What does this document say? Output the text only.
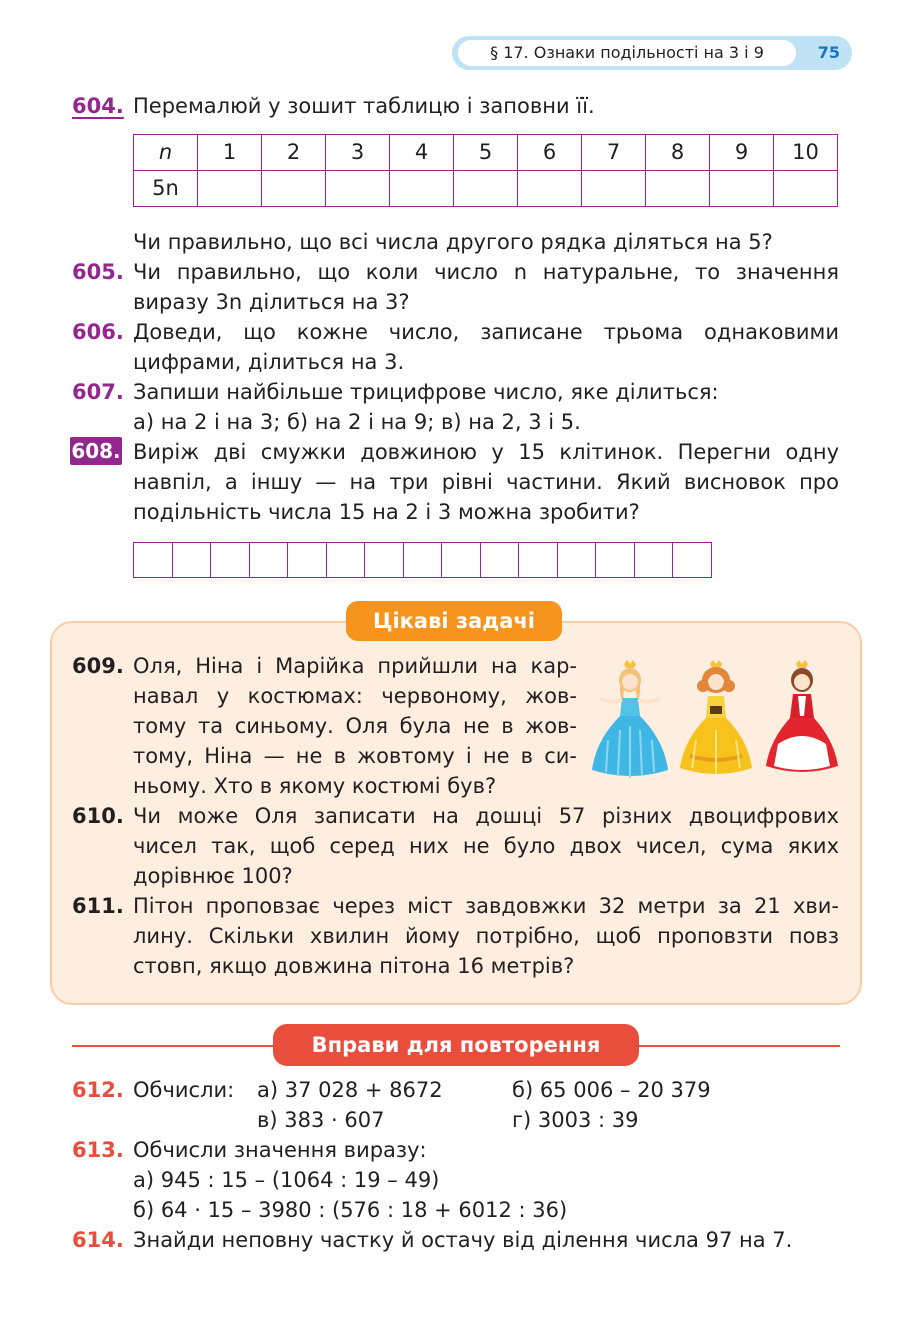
§ 17. Ознаки подільності на 3 і 9	75
604. Перемалюй у зошит таблицю і заповни її.
n	1	2	3	4	5	6	7	8	9	10
5n										
Чи правильно, що всі числа другого рядка діляться на 5?
605. Чи правильно, що коли число n натуральне, то значення
виразу 3n ділиться на 3?
606. Доведи, що кожне число, записане трьома однаковими
цифрами, ділиться на 3.
607. Запиши найбільше трицифрове число, яке ділиться:
а) на 2 і на 3; б) на 2 і на 9; в) на 2, 3 і 5.
608. Виріж дві смужки довжиною у 15 клітинок. Перегни одну
навпіл, а іншу — на три рівні частини. Який висновок про
подільність числа 15 на 2 і 3 можна зробити?
Цікаві задачі
609. Оля, Ніна і Марійка прийшли на кар-
навал у костюмах: червоному, жов-
тому та синьому. Оля була не в жов-
тому, Ніна — не в жовтому і не в си-
ньому. Хто в якому костюмі був?
610. Чи може Оля записати на дошці 57 різних двоцифрових
чисел так, щоб серед них не було двох чисел, сума яких
дорівнює 100?
611. Пітон проповзає через міст завдовжки 32 метри за 21 хви-
лину. Скільки хвилин йому потрібно, щоб проповзти повз
стовп, якщо довжина пітона 16 метрів?
Вправи для повторення
612. Обчисли:	а) 37 028 + 8672	б) 65 006 – 20 379
в) 383 · 607	г) 3003 : 39
613. Обчисли значення виразу:
а) 945 : 15 – (1064 : 19 – 49)
б) 64 · 15 – 3980 : (576 : 18 + 6012 : 36)
614. Знайди неповну частку й остачу від ділення числа 97 на 7.
